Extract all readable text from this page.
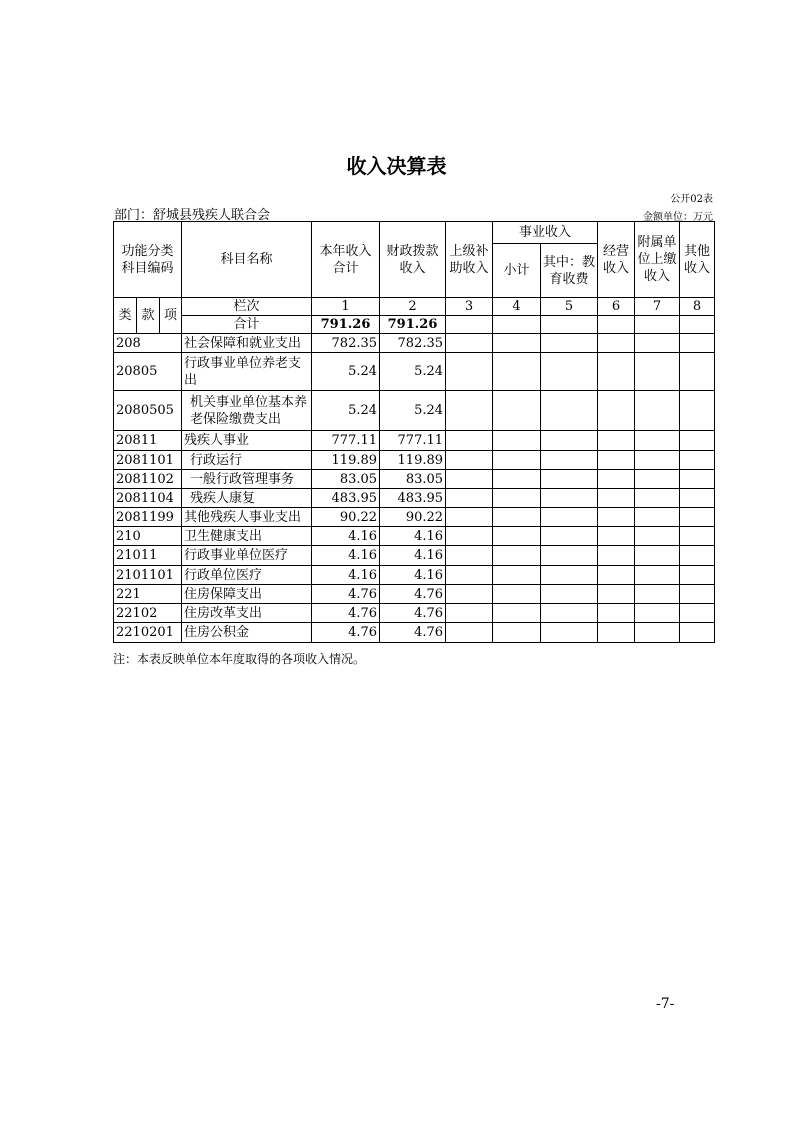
收入决算表
公开02表
部门：舒城县残疾人联合会	金额单位：万元
功能分类科目编码			科目名称	本年收入合计	财政拨款收入	上级补助收入	事业收入		经营收入	附属单位上缴收入	其他收入
							小计	其中：教育收费			
类	款	项	栏次	1	2	3	4	5	6	7	8
			合计	791.26	791.26						
208			社会保障和就业支出	782.35	782.35						
20805			行政事业单位养老支出	5.24	5.24						
2080505			机关事业单位基本养老保险缴费支出	5.24	5.24						
20811			残疾人事业	777.11	777.11						
2081101			行政运行	119.89	119.89						
2081102			一般行政管理事务	83.05	83.05						
2081104			残疾人康复	483.95	483.95						
2081199			其他残疾人事业支出	90.22	90.22						
210			卫生健康支出	4.16	4.16						
21011			行政事业单位医疗	4.16	4.16						
2101101			行政单位医疗	4.16	4.16						
221			住房保障支出	4.76	4.76						
22102			住房改革支出	4.76	4.76						
2210201			住房公积金	4.76	4.76						
注：本表反映单位本年度取得的各项收入情况。
-7-
